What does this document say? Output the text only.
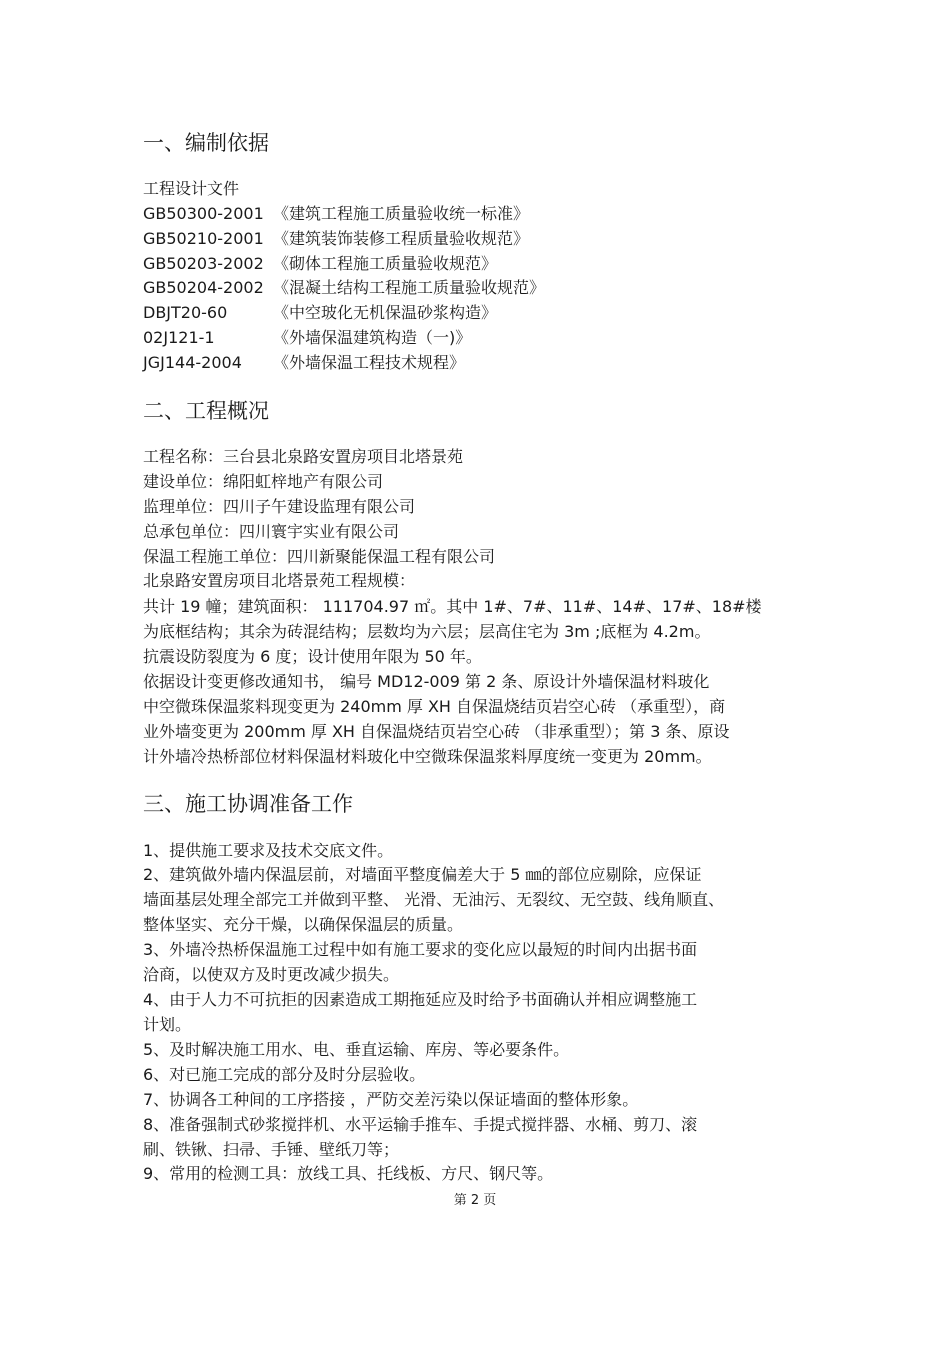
一、编制依据
工程设计文件
GB50300-2001 《建筑工程施工质量验收统一标准》
GB50210-2001 《建筑装饰装修工程质量验收规范》
GB50203-2002 《砌体工程施工质量验收规范》
GB50204-2002 《混凝土结构工程施工质量验收规范》
DBJT20-60	《中空玻化无机保温砂浆构造》
02J121-1	《外墙保温建筑构造（一)》
JGJ144-2004 《外墙保温工程技术规程》
二、工程概况
工程名称：三台县北泉路安置房项目北塔景苑
建设单位：绵阳虹梓地产有限公司
监理单位：四川子午建设监理有限公司
总承包单位：四川寰宇实业有限公司
保温工程施工单位：四川新聚能保温工程有限公司
北泉路安置房项目北塔景苑工程规模：
共计 19 幢；建筑面积： 111704.97 ㎡。其中 1#、7#、11#、14#、17#、18#楼
为底框结构；其余为砖混结构；层数均为六层；层高住宅为 3m ;底框为 4.2m。
抗震设防裂度为 6 度；设计使用年限为 50 年。
依据设计变更修改通知书， 编号 MD12-009 第 2 条、原设计外墙保温材料玻化
中空微珠保温浆料现变更为 240mm 厚 XH 自保温烧结页岩空心砖 （承重型），商
业外墙变更为 200mm 厚 XH 自保温烧结页岩空心砖 （非承重型）；第 3 条、原设
计外墙冷热桥部位材料保温材料玻化中空微珠保温浆料厚度统一变更为 20mm。
三、施工协调准备工作
1、提供施工要求及技术交底文件。
2、建筑做外墙内保温层前，对墙面平整度偏差大于 5 ㎜的部位应剔除，应保证
墙面基层处理全部完工并做到平整、 光滑、无油污、无裂纹、无空鼓、线角顺直、
整体坚实、充分干燥，以确保保温层的质量。
3、外墙冷热桥保温施工过程中如有施工要求的变化应以最短的时间内出据书面
洽商，以使双方及时更改减少损失。
4、由于人力不可抗拒的因素造成工期拖延应及时给予书面确认并相应调整施工
计划。
5、及时解决施工用水、电、垂直运输、库房、等必要条件。
6、对已施工完成的部分及时分层验收。
7、协调各工种间的工序搭接 ，严防交差污染以保证墙面的整体形象。
8、准备强制式砂浆搅拌机、水平运输手推车、手提式搅拌器、水桶、剪刀、滚
刷、铁锹、扫帚、手锤、壁纸刀等；
9、常用的检测工具：放线工具、托线板、方尺、钢尺等。
第 2 页
